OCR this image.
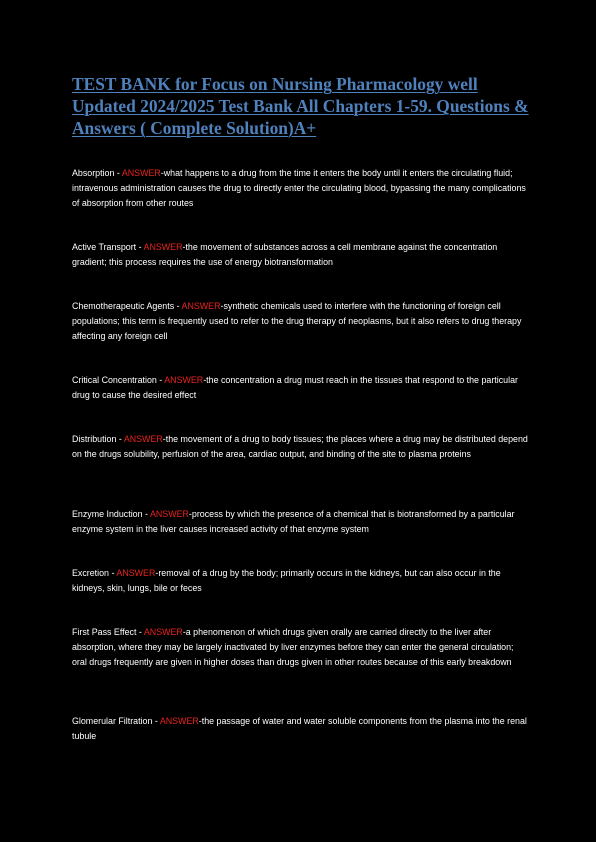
TEST BANK for Focus on Nursing Pharmacology well Updated 2024/2025 Test Bank All Chapters 1-59. Questions & Answers ( Complete Solution)A+

Absorption - ANSWER-what happens to a drug from the time it enters the body until it enters the circulating fluid; intravenous administration causes the drug to directly enter the circulating blood, bypassing the many complications of absorption from other routes

Active Transport - ANSWER-the movement of substances across a cell membrane against the concentration gradient; this process requires the use of energy biotransformation

Chemotherapeutic Agents - ANSWER-synthetic chemicals used to interfere with the functioning of foreign cell populations; this term is frequently used to refer to the drug therapy of neoplasms, but it also refers to drug therapy affecting any foreign cell

Critical Concentration - ANSWER-the concentration a drug must reach in the tissues that respond to the particular drug to cause the desired effect

Distribution - ANSWER-the movement of a drug to body tissues; the places where a drug may be distributed depend on the drugs solubility, perfusion of the area, cardiac output, and binding of the site to plasma proteins

Enzyme Induction - ANSWER-process by which the presence of a chemical that is biotransformed by a particular enzyme system in the liver causes increased activity of that enzyme system

Excretion - ANSWER-removal of a drug by the body; primarily occurs in the kidneys, but can also occur in the kidneys, skin, lungs, bile or feces

First Pass Effect - ANSWER-a phenomenon of which drugs given orally are carried directly to the liver after absorption, where they may be largely inactivated by liver enzymes before they can enter the general circulation; oral drugs frequently are given in higher doses than drugs given in other routes because of this early breakdown

Glomerular Filtration - ANSWER-the passage of water and water soluble components from the plasma into the renal tubule
